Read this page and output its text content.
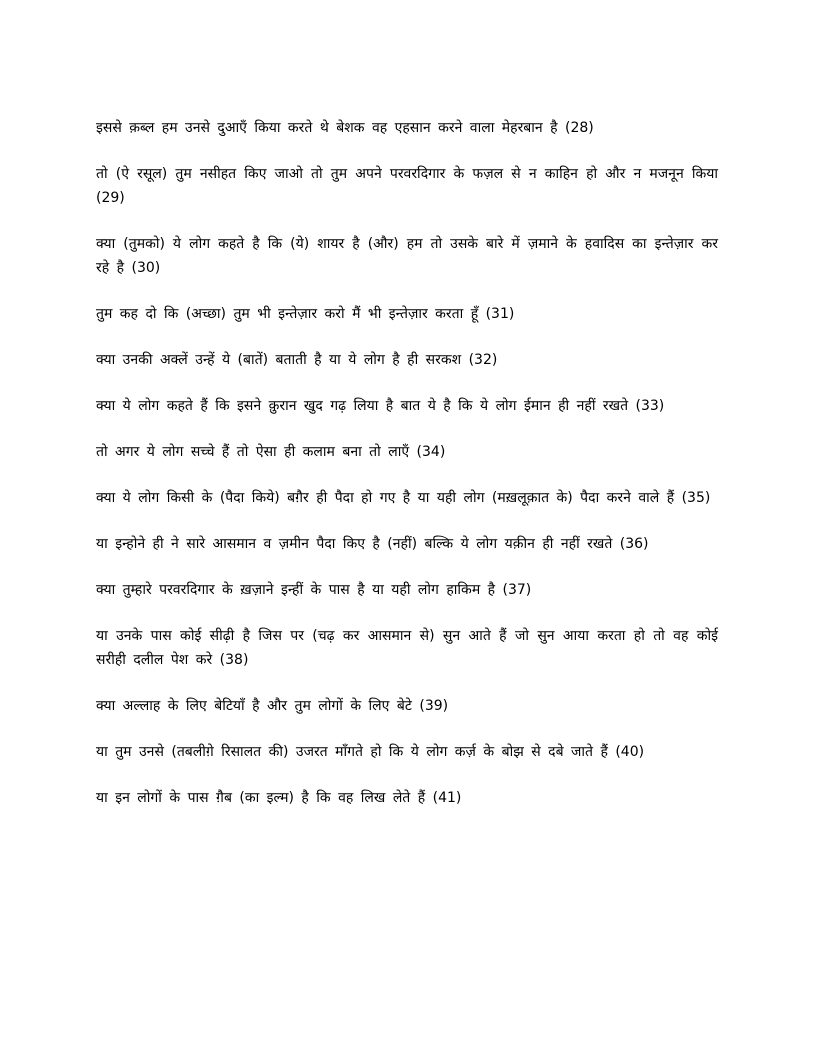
इससे क़ब्ल हम उनसे दुआएँ किया करते थे बेशक वह एहसान करने वाला मेहरबान है (28)

तो (ऐ रसूल) तुम नसीहत किए जाओ तो तुम अपने परवरदिगार के फज़ल से न काहिन हो और न मजनून किया (29)

क्या (तुमको) ये लोग कहते है कि (ये) शायर है (और) हम तो उसके बारे में ज़माने के हवादिस का इन्तेज़ार कर रहे है (30)

तुम कह दो कि (अच्छा) तुम भी इन्तेज़ार करो मैं भी इन्तेज़ार करता हूँ (31)

क्या उनकी अक्लें उन्हें ये (बातें) बताती है या ये लोग है ही सरकश (32)

क्या ये लोग कहते हैं कि इसने कु़रान खुद गढ़ लिया है बात ये है कि ये लोग ईमान ही नहीं रखते (33)

तो अगर ये लोग सच्चे हैं तो ऐसा ही कलाम बना तो लाएँ (34)

क्या ये लोग किसी के (पैदा किये) बग़ैर ही पैदा हो गए है या यही लोग (मख़लूक़ात के) पैदा करने वाले हैं (35)

या इन्होने ही ने सारे आसमान व ज़मीन पैदा किए है (नहीं) बल्कि ये लोग यक़ीन ही नहीं रखते (36)

क्या तुम्हारे परवरदिगार के ख़ज़ाने इन्हीं के पास है या यही लोग हाकिम है (37)

या उनके पास कोई सीढ़ी है जिस पर (चढ़ कर आसमान से) सुन आते हैं जो सुन आया करता हो तो वह कोई सरीही दलील पेश करे (38)

क्या अल्लाह के लिए बेटियाँ है और तुम लोगों के लिए बेटे (39)

या तुम उनसे (तबलीग़े रिसालत की) उजरत माँगते हो कि ये लोग कर्ज़ के बोझ से दबे जाते हैं (40)

या इन लोगों के पास ग़ैब (का इल्म) है कि वह लिख लेते हैं (41)
